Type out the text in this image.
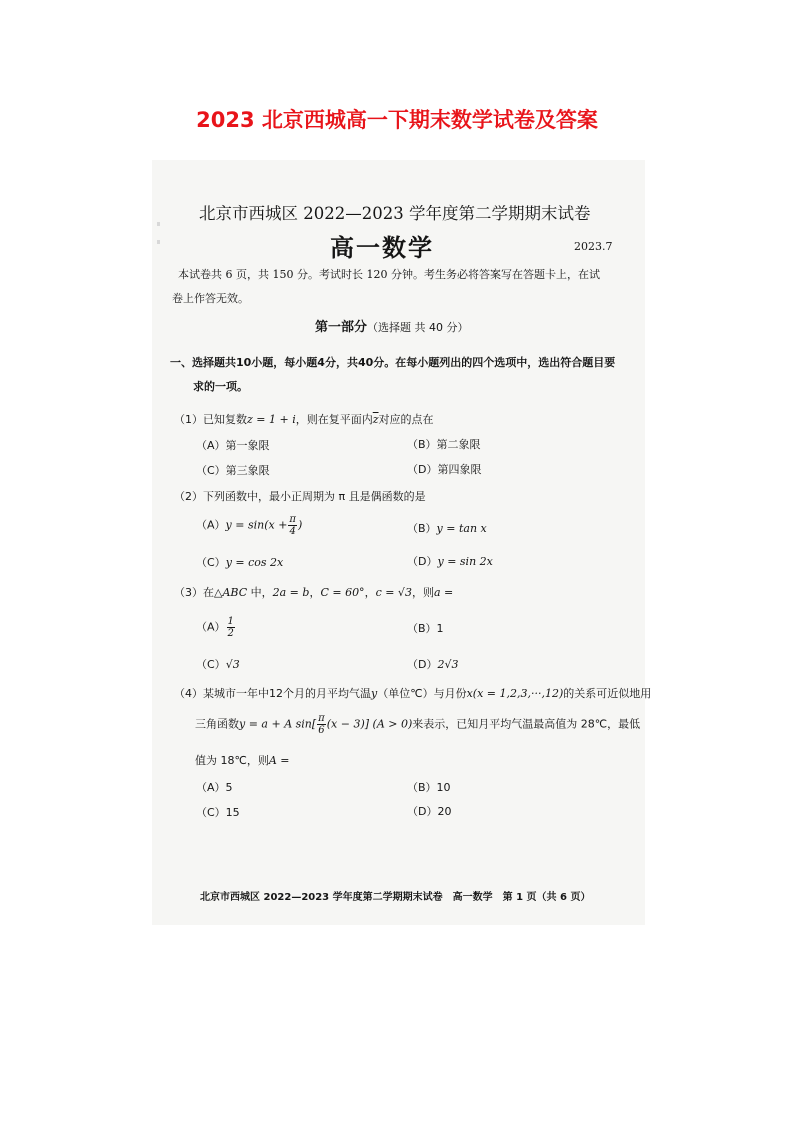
2023 北京西城高一下期末数学试卷及答案
北京市西城区 2022—2023 学年度第二学期期末试卷
高一数学	2023.7
本试卷共 6 页，共 150 分。考试时长 120 分钟。考生务必将答案写在答题卡上，在试
卷上作答无效。
第一部分（选择题 共 40 分）
一、选择题共10小题，每小题4分，共40分。在每小题列出的四个选项中，选出符合题目要
求的一项。
（1）已知复数z = 1 + i，则在复平面内$\overline{z}$对应的点在
（A）第一象限	（B）第二象限
（C）第三象限	（D）第四象限
（2）下列函数中，最小正周期为 π 且是偶函数的是
$(A)y = \sin(x + \frac{\pi}{4}$ )	（B）y = tan x
（C）y = cos 2x	（D）y = sin 2x
（3）在△ABC 中，2a = b，C = 60°，c = √3，则a =
$(A) \frac{1}{2}$	（B）1
（C）√3	（D）2√3
（4）某城市一年中12个月的月平均气温y（单位℃）与月份x(x = 1,2,3,···,12)的关系可近似地用
三角函数y = a + A $\sin[ \frac{\pi}{6} (x - 3)]$ (A > 0)来表示，已知月平均气温最高值为 28℃，最低
值为 18℃，则A =
（A）5	（B）10
（C）15	（D）20
北京市西城区 2022—2023 学年度第二学期期末试卷　高一数学　第 1 页（共 6 页）
